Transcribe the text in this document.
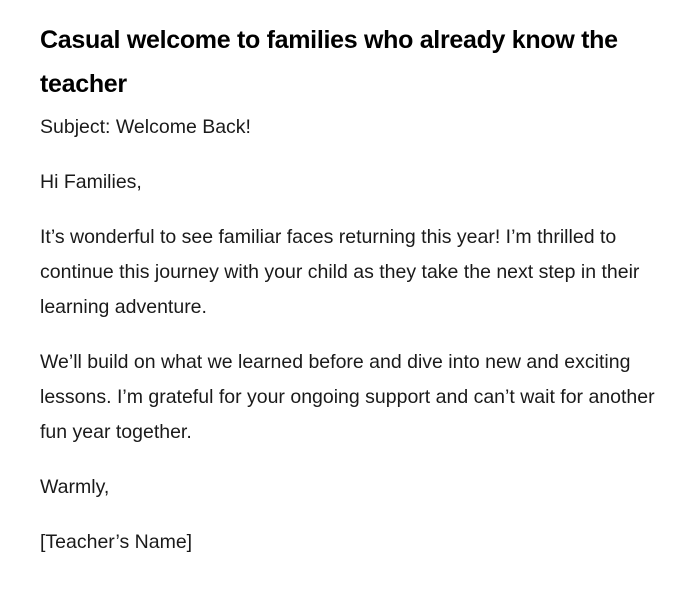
Casual welcome to families who already know the teacher

Subject: Welcome Back!

Hi Families,

It’s wonderful to see familiar faces returning this year! I’m thrilled to continue this journey with your child as they take the next step in their learning adventure.

We’ll build on what we learned before and dive into new and exciting lessons. I’m grateful for your ongoing support and can’t wait for another fun year together.

Warmly,

[Teacher’s Name]
